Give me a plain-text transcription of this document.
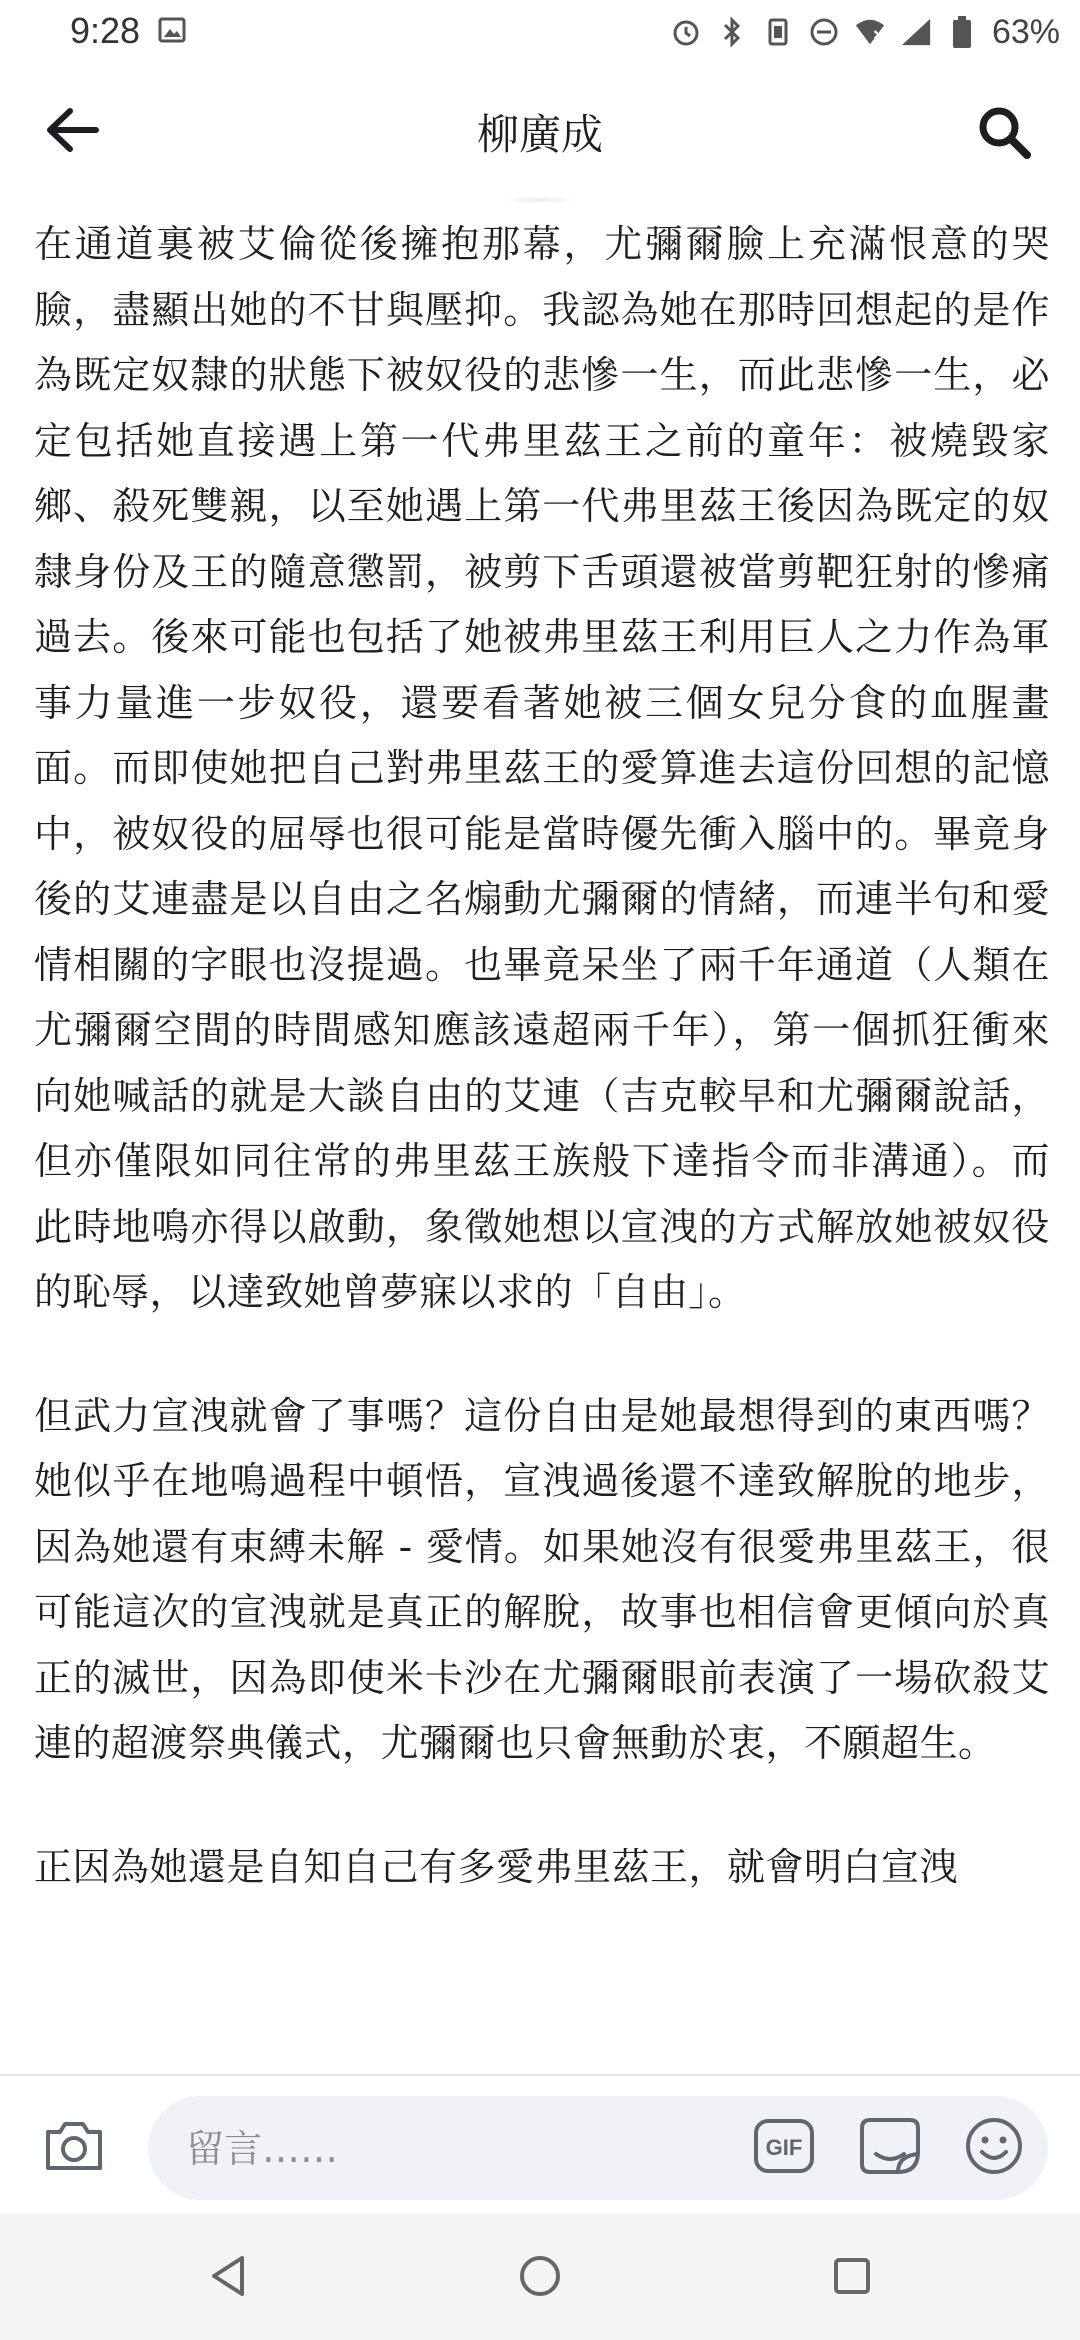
9:28	63%
柳廣成

在通道裏被艾倫從後擁抱那幕，尤彌爾臉上充滿恨意的哭臉，盡顯出她的不甘與壓抑。我認為她在那時回想起的是作為既定奴隸的狀態下被奴役的悲慘一生，而此悲慘一生，必定包括她直接遇上第一代弗里茲王之前的童年：被燒毀家鄉、殺死雙親，以至她遇上第一代弗里茲王後因為既定的奴隸身份及王的隨意懲罰，被剪下舌頭還被當剪靶狂射的慘痛過去。後來可能也包括了她被弗里茲王利用巨人之力作為軍事力量進一步奴役，還要看著她被三個女兒分食的血腥畫面。而即使她把自己對弗里茲王的愛算進去這份回想的記憶中，被奴役的屈辱也很可能是當時優先衝入腦中的。畢竟身後的艾連盡是以自由之名煽動尤彌爾的情緒，而連半句和愛情相關的字眼也沒提過。也畢竟呆坐了兩千年通道（人類在尤彌爾空間的時間感知應該遠超兩千年），第一個抓狂衝來向她喊話的就是大談自由的艾連（吉克較早和尤彌爾說話，但亦僅限如同往常的弗里茲王族般下達指令而非溝通）。而此時地鳴亦得以啟動，象徵她想以宣洩的方式解放她被奴役的恥辱，以達致她曾夢寐以求的「自由」。

但武力宣洩就會了事嗎？這份自由是她最想得到的東西嗎？她似乎在地鳴過程中頓悟，宣洩過後還不達致解脫的地步，因為她還有束縛未解 - 愛情。如果她沒有很愛弗里茲王，很可能這次的宣洩就是真正的解脫，故事也相信會更傾向於真正的滅世，因為即使米卡沙在尤彌爾眼前表演了一場砍殺艾連的超渡祭典儀式，尤彌爾也只會無動於衷，不願超生。

正因為她還是自知自己有多愛弗里茲王，就會明白宣洩

留言……
GIF
